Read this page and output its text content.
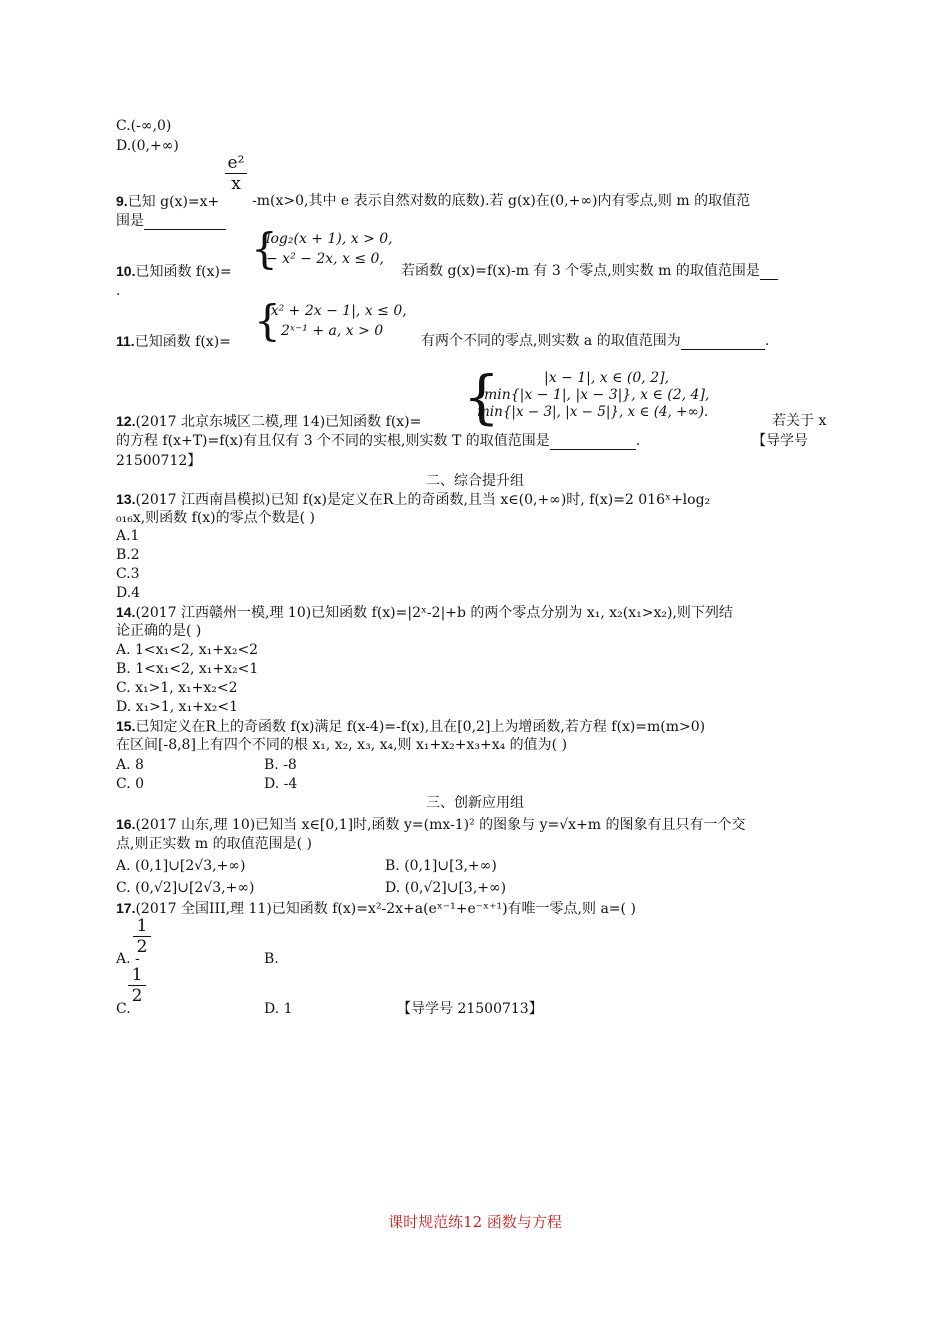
C.(-∞,0)
D.(0,+∞)
$\frac{\text{e²}}{x}$
9.已知 g(x)=x+ -m(x>0,其中 e 表示自然对数的底数).若 g(x)在(0,+∞)内有零点,则 m 的取值范
围是
{
log₂(x + 1), x > 0,
− x² − 2x, x ≤ 0,
10.已知函数 f(x)=	若函数 g(x)=f(x)-m 有 3 个零点,则实数 m 的取值范围是
.
{
|x² + 2x − 1|, x ≤ 0,
2ˣ⁻¹ + a, x > 0
11.已知函数 f(x)=	有两个不同的零点,则实数 a 的取值范围为	.
{	|x − 1|, x ∈ (0, 2],
min{|x − 1|, |x − 3|}, x ∈ (2, 4],
min{|x − 3|, |x − 5|}, x ∈ (4, +∞).
12.(2017 北京东城区二模,理 14)已知函数 f(x)=	若关于 x
的方程 f(x+T)=f(x)有且仅有 3 个不同的实根,则实数 T 的取值范围是	.	【导学号
21500712】
二、综合提升组
13.(2017 江西南昌模拟)已知 f(x)是定义在R上的奇函数,且当 x∈(0,+∞)时, f(x)=2 016ˣ+log₂
₀₁₆x,则函数 f(x)的零点个数是( )
A.1
B.2
C.3
D.4
14.(2017 江西赣州一模,理 10)已知函数 f(x)=|2ˣ-2|+b 的两个零点分别为 x₁, x₂(x₁>x₂),则下列结
论正确的是( )
A. 1<x₁<2, x₁+x₂<2
B. 1<x₁<2, x₁+x₂<1
C. x₁>1, x₁+x₂<2
D. x₁>1, x₁+x₂<1
15.已知定义在R上的奇函数 f(x)满足 f(x-4)=-f(x),且在[0,2]上为增函数,若方程 f(x)=m(m>0)
在区间[-8,8]上有四个不同的根 x₁, x₂, x₃, x₄,则 x₁+x₂+x₃+x₄ 的值为( )
A. 8	B. -8
C. 0	D. -4
三、创新应用组
16.(2017 山东,理 10)已知当 x∈[0,1]时,函数 y=(mx-1)² 的图象与 y=√x+m 的图象有且只有一个交
点,则正实数 m 的取值范围是( )
A. (0,1]∪[2√3,+∞)	B. (0,1]∪[3,+∞)
C. (0,√2]∪[2√3,+∞)	D. (0,√2]∪[3,+∞)
17.(2017 全国III,理 11)已知函数 f(x)=x²-2x+a(eˣ⁻¹+e⁻ˣ⁺¹)有唯一零点,则 a=( )
$\frac{1}{2}$
A. -	B.
$\frac{1}{2}$
C.	D. 1	【导学号 21500713】
课时规范练12 函数与方程
